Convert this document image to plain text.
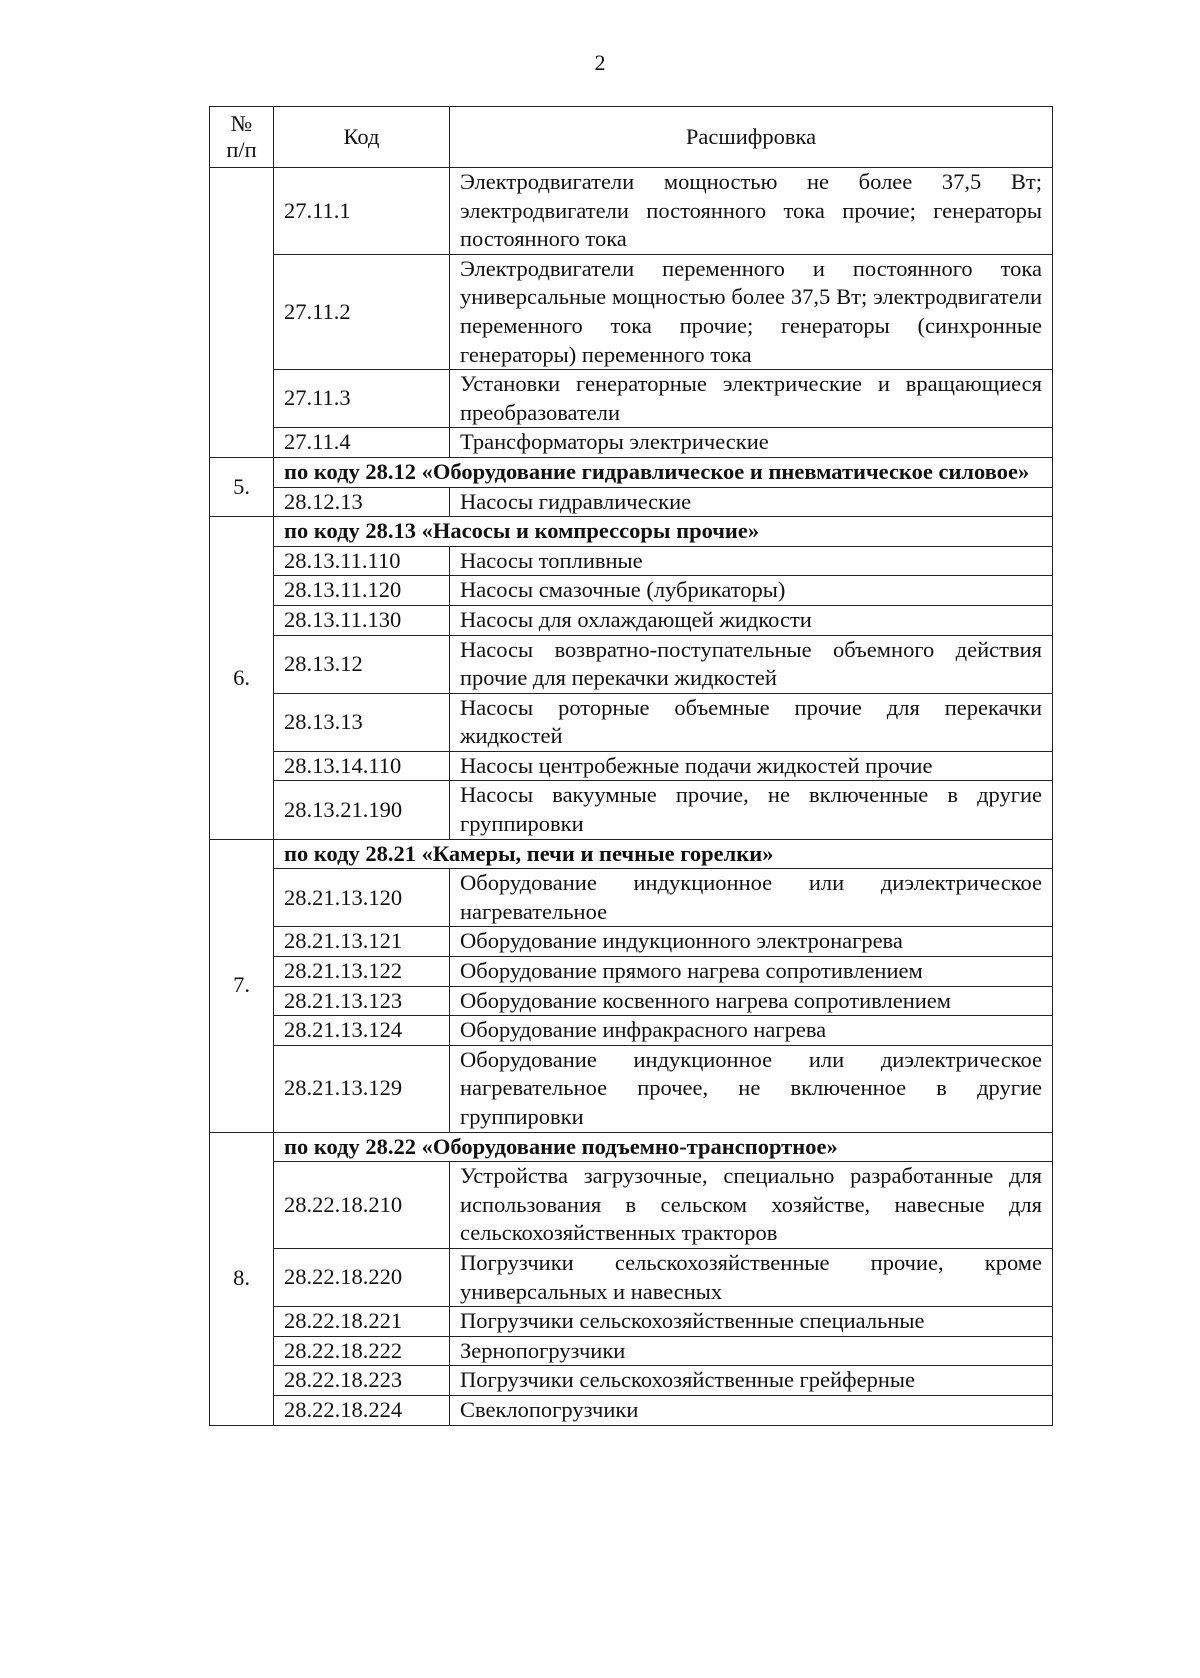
2
№ п/п	Код	Расшифровка
	27.11.1	Электродвигатели мощностью не более 37,5 Вт; электродвигатели постоянного тока прочие; генераторы постоянного тока
	27.11.2	Электродвигатели переменного и постоянного тока универсальные мощностью более 37,5 Вт; электродвигатели переменного тока прочие; генераторы (синхронные генераторы) переменного тока
	27.11.3	Установки генераторные электрические и вращающиеся преобразователи
	27.11.4	Трансформаторы электрические
5.	по коду 28.12 «Оборудование гидравлическое и пневматическое силовое»	
	28.12.13	Насосы гидравлические
6.	по коду 28.13 «Насосы и компрессоры прочие»	
	28.13.11.110	Насосы топливные
	28.13.11.120	Насосы смазочные (лубрикаторы)
	28.13.11.130	Насосы для охлаждающей жидкости
	28.13.12	Насосы возвратно-поступательные объемного действия прочие для перекачки жидкостей
	28.13.13	Насосы роторные объемные прочие для перекачки жидкостей
	28.13.14.110	Насосы центробежные подачи жидкостей прочие
	28.13.21.190	Насосы вакуумные прочие, не включенные в другие группировки
7.	по коду 28.21 «Камеры, печи и печные горелки»	
	28.21.13.120	Оборудование индукционное или диэлектрическое нагревательное
	28.21.13.121	Оборудование индукционного электронагрева
	28.21.13.122	Оборудование прямого нагрева сопротивлением
	28.21.13.123	Оборудование косвенного нагрева сопротивлением
	28.21.13.124	Оборудование инфракрасного нагрева
	28.21.13.129	Оборудование индукционное или диэлектрическое нагревательное прочее, не включенное в другие группировки
8.	по коду 28.22 «Оборудование подъемно-транспортное»	
	28.22.18.210	Устройства загрузочные, специально разработанные для использования в сельском хозяйстве, навесные для сельскохозяйственных тракторов
	28.22.18.220	Погрузчики сельскохозяйственные прочие, кроме универсальных и навесных
	28.22.18.221	Погрузчики сельскохозяйственные специальные
	28.22.18.222	Зернопогрузчики
	28.22.18.223	Погрузчики сельскохозяйственные грейферные
	28.22.18.224	Свеклопогрузчики
